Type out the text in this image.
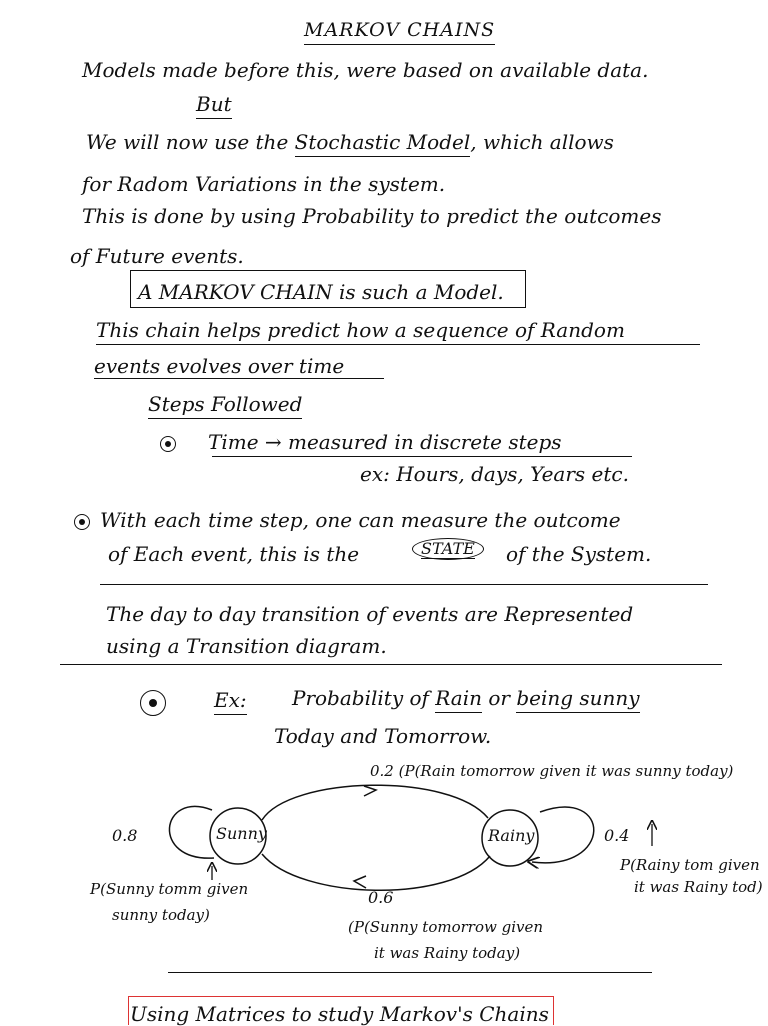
MARKOV CHAINS
Models made before this, were based on available data.
But
We will now use the Stochastic Model, which allows
for Radom Variations in the system.
This is done by using Probability to predict the outcomes
of Future events.
A MARKOV CHAIN is such a Model.
This chain helps predict how a sequence of Random
events evolves over time
Steps Followed
Time → measured in discrete steps
ex: Hours, days, Years etc.
With each time step, one can measure the outcome
of Each event, this is the	STATE	of the System.
The day to day transition of events are Represented
using a Transition diagram.
Ex: Probability of Rain or being sunny
Today and Tomorrow.
Sunny	Rainy
0.2 (P(Rain tomorrow given it was sunny today)
0.8	0.4
0.6
(P(Sunny tomorrow given
it was Rainy today)
P(Sunny tomm given
sunny today)
P(Rainy tom given
it was Rainy tod)
Using Matrices to study Markov's Chains
